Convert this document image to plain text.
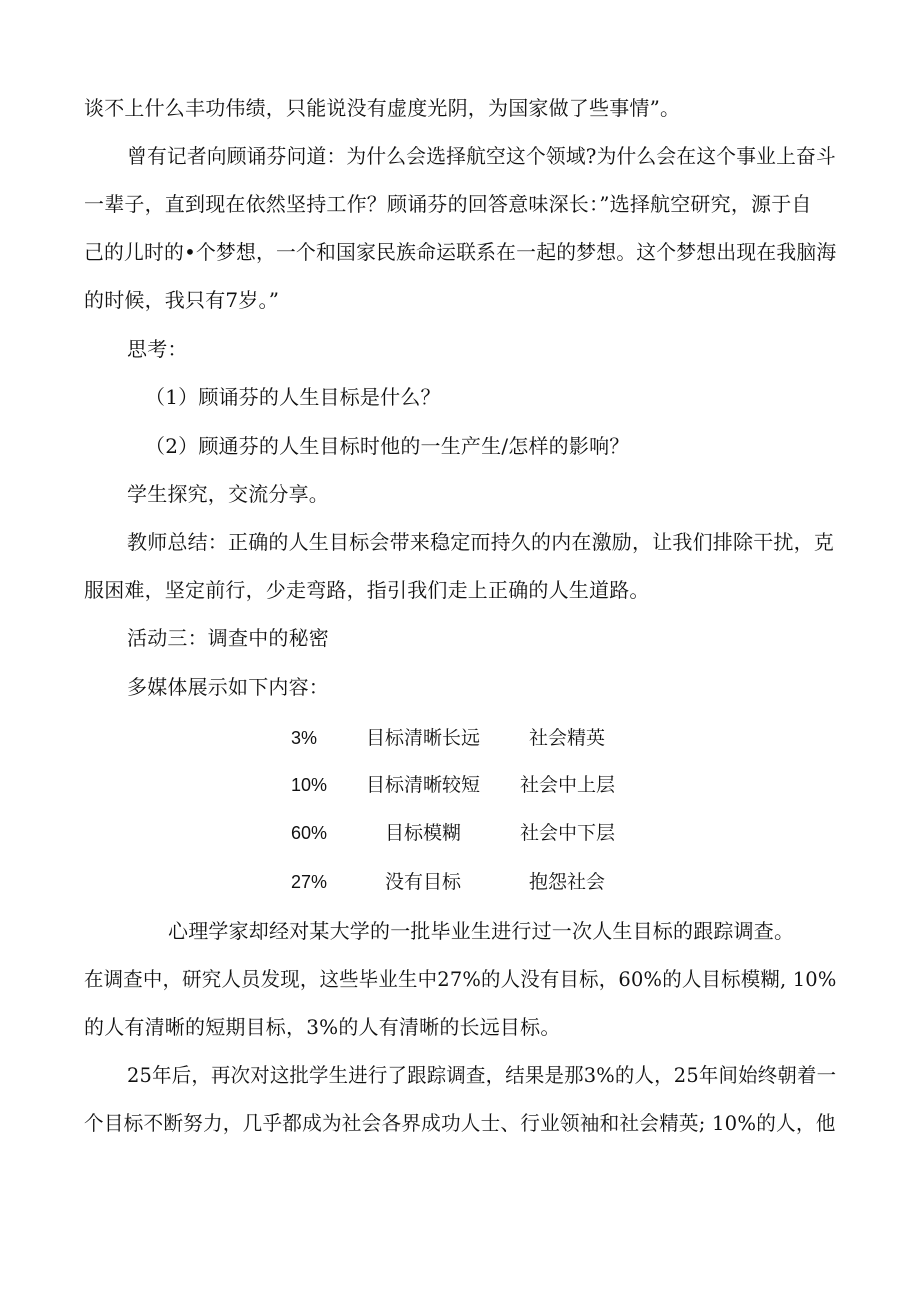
谈不上什么丰功伟绩，只能说没有虚度光阴，为国家做了些事情”。
曾有记者向顾诵芬问道：为什么会选择航空这个领域?为什么会在这个事业上奋斗
一辈子，直到现在依然坚持工作？顾诵芬的回答意味深长：”选择航空研究，源于自
己的儿时的•个梦想，一个和国家民族命运联系在一起的梦想。这个梦想出现在我脑海
的时候，我只有7岁。”
思考：
（1）顾诵芬的人生目标是什么？
（2）顾通芬的人生目标时他的一生产生/怎样的影响？
学生探究，交流分享。
教师总结：正确的人生目标会带来稳定而持久的内在激励，让我们排除干扰，克
服困难，坚定前行，少走弯路，指引我们走上正确的人生道路。
活动三：调查中的秘密
多媒体展示如下内容：
3%	目标清晰长远	社会精英
10% 目标清晰较短 社会中上层
60%	目标模糊	社会中下层
27%	没有目标	抱怨社会
心理学家却经对某大学的一批毕业生进行过一次人生目标的跟踪调查。
在调查中，研究人员发现，这些毕业生中27%的人没有目标，60%的人目标模糊, 10%
的人有清晰的短期目标，3%的人有清晰的长远目标。
25年后，再次对这批学生进行了跟踪调查，结果是那3%的人，25年间始终朝着一
个目标不断努力，几乎都成为社会各界成功人士、行业领袖和社会精英; 10%的人，他
